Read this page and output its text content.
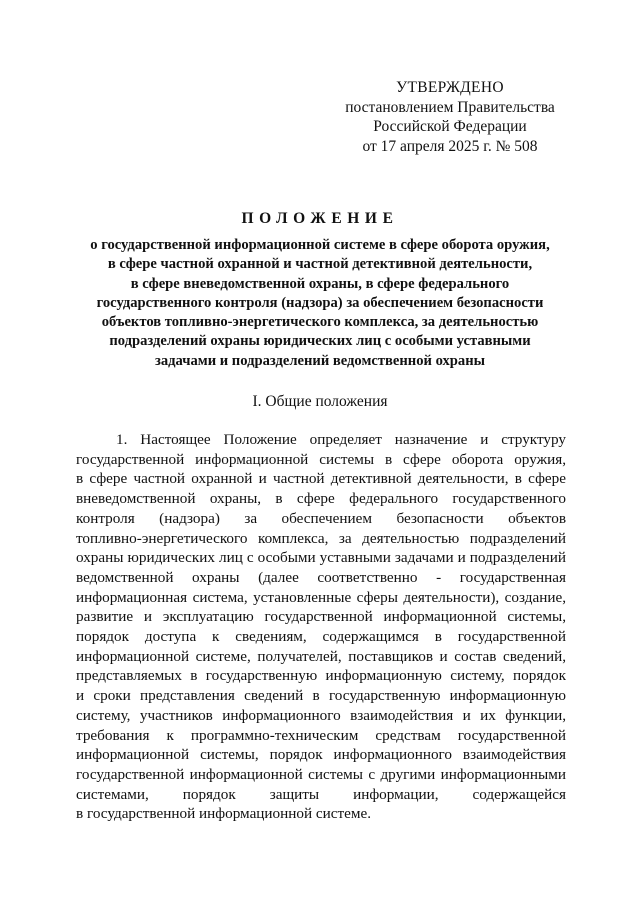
УТВЕРЖДЕНО
постановлением Правительства
Российской Федерации
от 17 апреля 2025 г. № 508
ПОЛОЖЕНИЕ
о государственной информационной системе в сфере оборота оружия,
в сфере частной охранной и частной детективной деятельности,
в сфере вневедомственной охраны, в сфере федерального
государственного контроля (надзора) за обеспечением безопасности
объектов топливно-энергетического комплекса, за деятельностью
подразделений охраны юридических лиц с особыми уставными
задачами и подразделений ведомственной охраны
I. Общие положения
1. Настоящее Положение определяет назначение и структуру
государственной информационной системы в сфере оборота оружия,
в сфере частной охранной и частной детективной деятельности, в сфере
вневедомственной охраны, в сфере федерального государственного
контроля (надзора) за обеспечением безопасности объектов
топливно-энергетического комплекса, за деятельностью подразделений
охраны юридических лиц с особыми уставными задачами и подразделений
ведомственной охраны (далее соответственно - государственная
информационная система, установленные сферы деятельности), создание,
развитие и эксплуатацию государственной информационной системы,
порядок доступа к сведениям, содержащимся в государственной
информационной системе, получателей, поставщиков и состав сведений,
представляемых в государственную информационную систему, порядок
и сроки представления сведений в государственную информационную
систему, участников информационного взаимодействия и их функции,
требования к программно-техническим средствам государственной
информационной системы, порядок информационного взаимодействия
государственной информационной системы с другими информационными
системами, порядок защиты информации, содержащейся
в государственной информационной системе.
